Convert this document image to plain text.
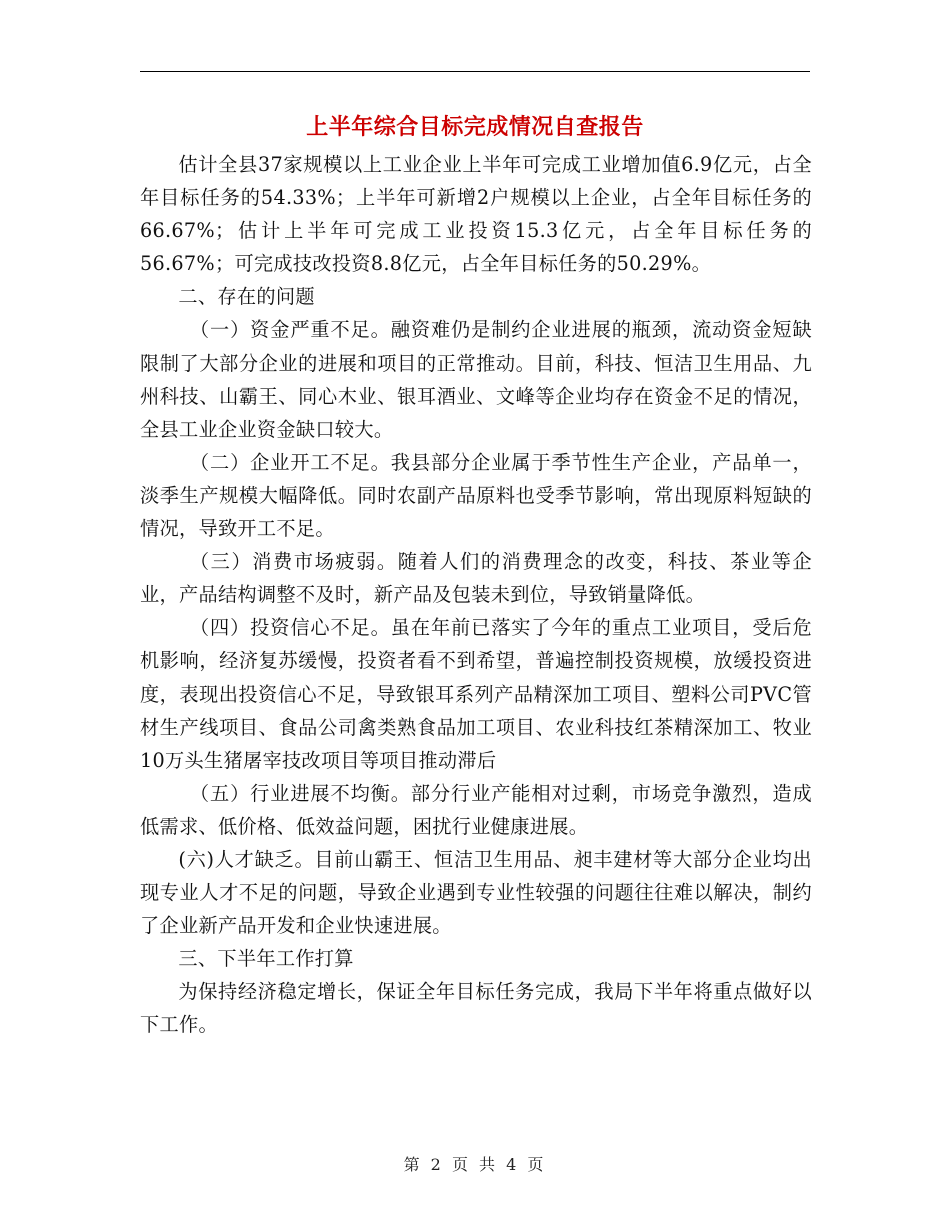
上半年综合目标完成情况自查报告

估计全县37家规模以上工业企业上半年可完成工业增加值6.9亿元，占全年目标任务的54.33%；上半年可新增2户规模以上企业，占全年目标任务的66.67%；估计上半年可完成工业投资15.3亿元，占全年目标任务的56.67%；可完成技改投资8.8亿元，占全年目标任务的50.29%。

二、存在的问题

（一）资金严重不足。融资难仍是制约企业进展的瓶颈，流动资金短缺限制了大部分企业的进展和项目的正常推动。目前，科技、恒洁卫生用品、九州科技、山霸王、同心木业、银耳酒业、文峰等企业均存在资金不足的情况，全县工业企业资金缺口较大。

（二）企业开工不足。我县部分企业属于季节性生产企业，产品单一，淡季生产规模大幅降低。同时农副产品原料也受季节影响，常出现原料短缺的情况，导致开工不足。

（三）消费市场疲弱。随着人们的消费理念的改变，科技、茶业等企业，产品结构调整不及时，新产品及包装未到位，导致销量降低。

（四）投资信心不足。虽在年前已落实了今年的重点工业项目，受后危机影响，经济复苏缓慢，投资者看不到希望，普遍控制投资规模，放缓投资进度，表现出投资信心不足，导致银耳系列产品精深加工项目、塑料公司PVC管材生产线项目、食品公司禽类熟食品加工项目、农业科技红茶精深加工、牧业10万头生猪屠宰技改项目等项目推动滞后

（五）行业进展不均衡。部分行业产能相对过剩，市场竞争激烈，造成低需求、低价格、低效益问题，困扰行业健康进展。

(六)人才缺乏。目前山霸王、恒洁卫生用品、昶丰建材等大部分企业均出现专业人才不足的问题，导致企业遇到专业性较强的问题往往难以解决，制约了企业新产品开发和企业快速进展。

三、下半年工作打算

为保持经济稳定增长，保证全年目标任务完成，我局下半年将重点做好以下工作。

第 2 页 共 4 页
